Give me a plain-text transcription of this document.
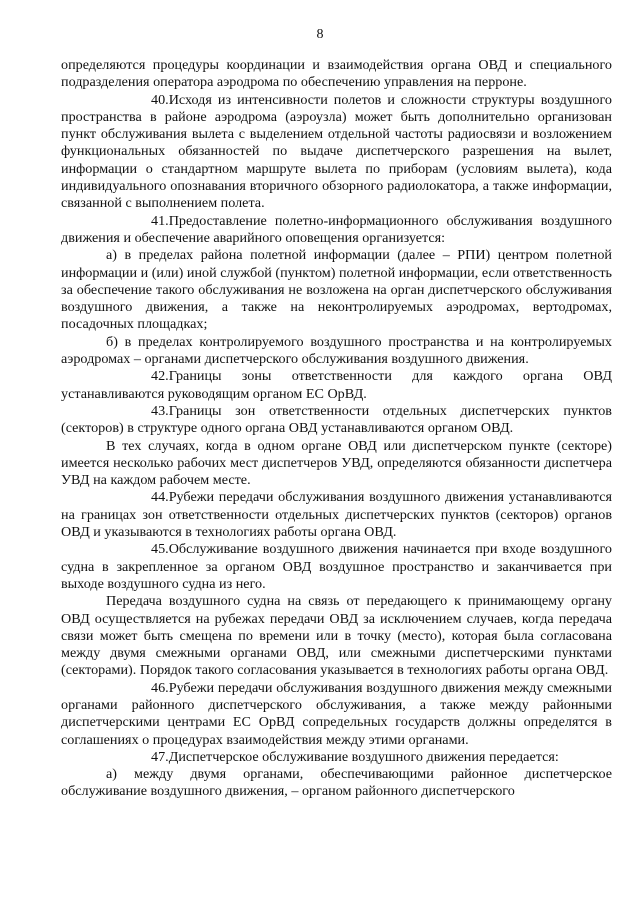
8

определяются процедуры координации и взаимодействия органа ОВД и специального подразделения оператора аэродрома по обеспечению управления на перроне.

40.Исходя из интенсивности полетов и сложности структуры воздушного пространства в районе аэродрома (аэроузла) может быть дополнительно организован пункт обслуживания вылета с выделением отдельной частоты радиосвязи и возложением функциональных обязанностей по выдаче диспетчерского разрешения на вылет, информации о стандартном маршруте вылета по приборам (условиям вылета), кода индивидуального опознавания вторичного обзорного радиолокатора, а также информации, связанной с выполнением полета.

41.Предоставление полетно-информационного обслуживания воздушного движения и обеспечение аварийного оповещения организуется:

а) в пределах района полетной информации (далее – РПИ) центром полетной информации и (или) иной службой (пунктом) полетной информации, если ответственность за обеспечение такого обслуживания не возложена на орган диспетчерского обслуживания воздушного движения, а также на неконтролируемых аэродромах, вертодромах, посадочных площадках;

б) в пределах контролируемого воздушного пространства и на контролируемых аэродромах – органами диспетчерского обслуживания воздушного движения.

42.Границы зоны ответственности для каждого органа ОВД устанавливаются руководящим органом ЕС ОрВД.

43.Границы зон ответственности отдельных диспетчерских пунктов (секторов) в структуре одного органа ОВД устанавливаются органом ОВД.

В тех случаях, когда в одном органе ОВД или диспетчерском пункте (секторе) имеется несколько рабочих мест диспетчеров УВД, определяются обязанности диспетчера УВД на каждом рабочем месте.

44.Рубежи передачи обслуживания воздушного движения устанавливаются на границах зон ответственности отдельных диспетчерских пунктов (секторов) органов ОВД и указываются в технологиях работы органа ОВД.

45.Обслуживание воздушного движения начинается при входе воздушного судна в закрепленное за органом ОВД воздушное пространство и заканчивается при выходе воздушного судна из него.

Передача воздушного судна на связь от передающего к принимающему органу ОВД осуществляется на рубежах передачи ОВД за исключением случаев, когда передача связи может быть смещена по времени или в точку (место), которая была согласована между двумя смежными органами ОВД, или смежными диспетчерскими пунктами (секторами). Порядок такого согласования указывается в технологиях работы органа ОВД.

46.Рубежи передачи обслуживания воздушного движения между смежными органами районного диспетчерского обслуживания, а также между районными диспетчерскими центрами ЕС ОрВД сопредельных государств должны определятся в соглашениях о процедурах взаимодействия между этими органами.

47.Диспетчерское обслуживание воздушного движения передается:

а) между двумя органами, обеспечивающими районное диспетчерское обслуживание воздушного движения, – органом районного диспетчерского
